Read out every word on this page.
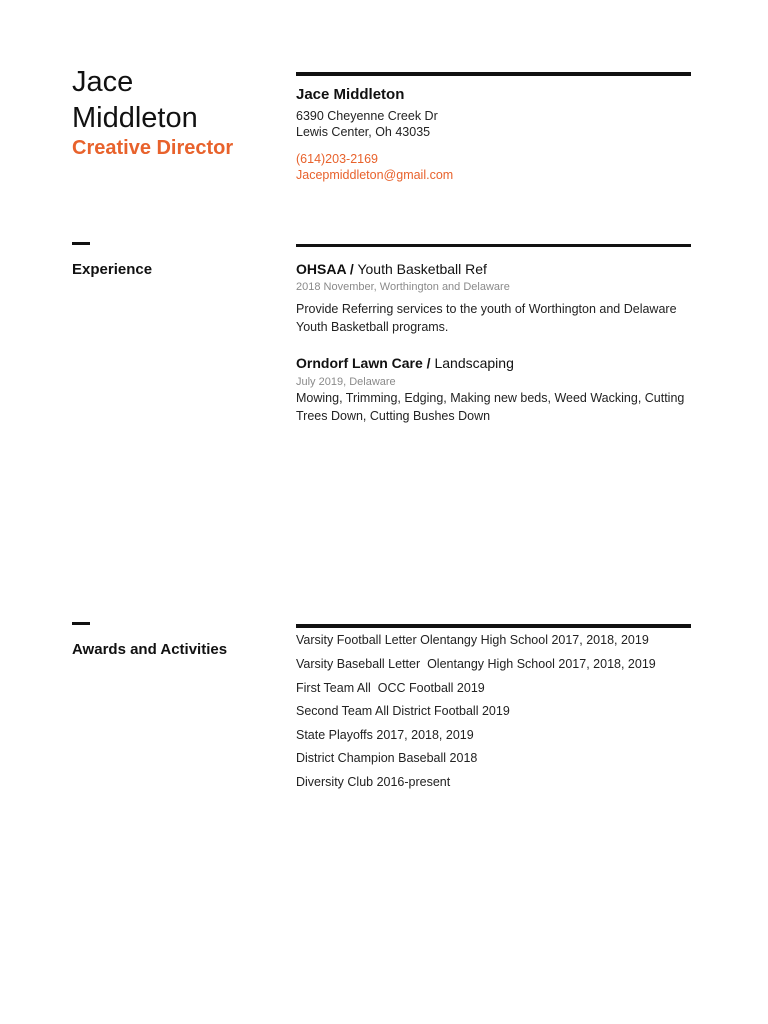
Jace
Middleton
Creative Director
Jace Middleton
6390 Cheyenne Creek Dr
Lewis Center, Oh 43035
(614)203-2169
Jacepmiddleton@gmail.com
Experience	OHSAA / Youth Basketball Ref
2018 November, Worthington and Delaware
Provide Referring services to the youth of Worthington and Delaware Youth Basketball programs.
Orndorf Lawn Care / Landscaping
July 2019, Delaware
Mowing, Trimming, Edging, Making new beds, Weed Wacking, Cutting Trees Down, Cutting Bushes Down
Awards and Activities
Varsity Football Letter Olentangy High School 2017, 2018, 2019
Varsity Baseball Letter  Olentangy High School 2017, 2018, 2019
First Team All  OCC Football 2019
Second Team All District Football 2019
State Playoffs 2017, 2018, 2019
District Champion Baseball 2018
Diversity Club 2016-present
